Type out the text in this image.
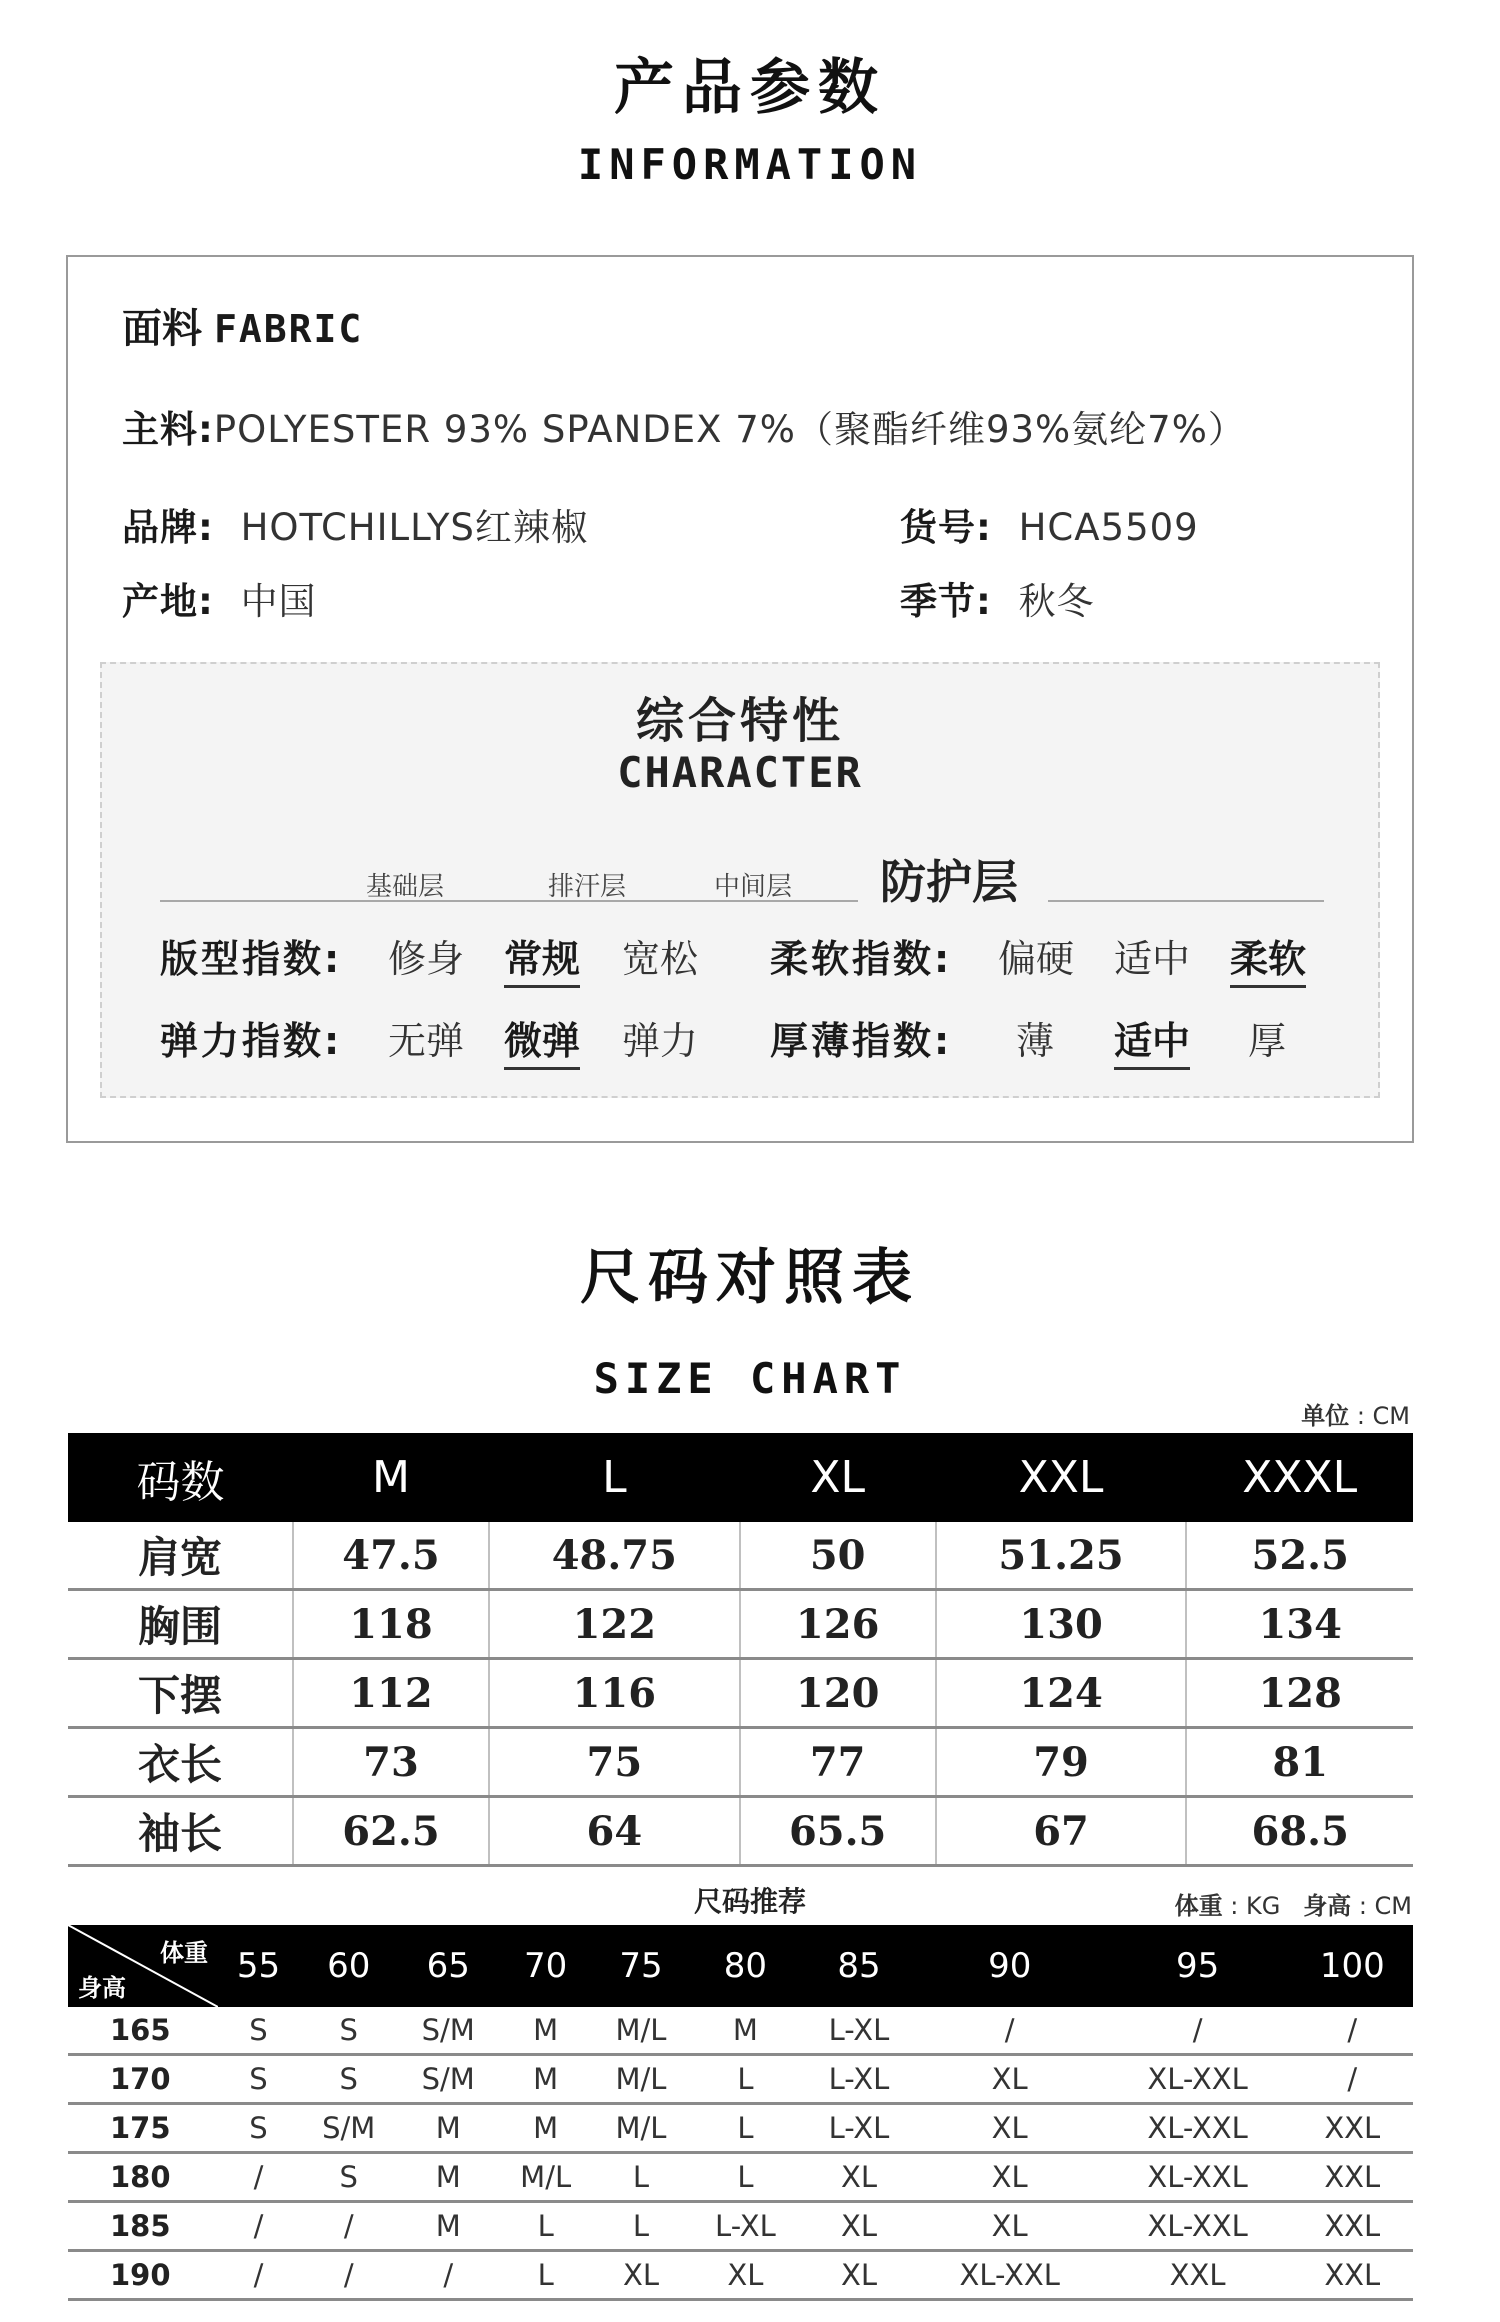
产品参数
INFORMATION
面料 FABRIC
主料:POLYESTER 93% SPANDEX 7%（聚酯纤维93%氨纶7%）
品牌: HOTCHILLYS红辣椒	货号: HCA5509
产地: 中国	季节: 秋冬
综合特性
CHARACTER
基础层	排汗层	中间层 防护层
版型指数: 修身 常规 宽松 柔软指数: 偏硬 适中 柔软
弹力指数: 无弹 微弹 弹力 厚薄指数: 薄 适中 厚
尺码对照表
SIZE CHART
单位 : CM
码数	M	L	XL	XXL	XXXL
肩宽	47.5	48.75	50	51.25	52.5
胸围	118	122	126	130	134
下摆	112	116	120	124	128
衣长	73	75	77	79	81
袖长	62.5	64	65.5	67	68.5
尺码推荐	体重 : KG 身高 : CM
体重
身高	55	60	65	70	75	80	85	90	95	100
165	S	S	S/M	M	M/L	M	L-XL	/	/	/
170	S	S	S/M	M	M/L	L	L-XL	XL	XL-XXL	/
175	S	S/M	M	M	M/L	L	L-XL	XL	XL-XXL	XXL
180	/	S	M	M/L	L	L	XL	XL	XL-XXL	XXL
185	/	/	M	L	L	L-XL	XL	XL	XL-XXL	XXL
190	/	/	/	L	XL	XL	XL	XL-XXL	XXL	XXL
